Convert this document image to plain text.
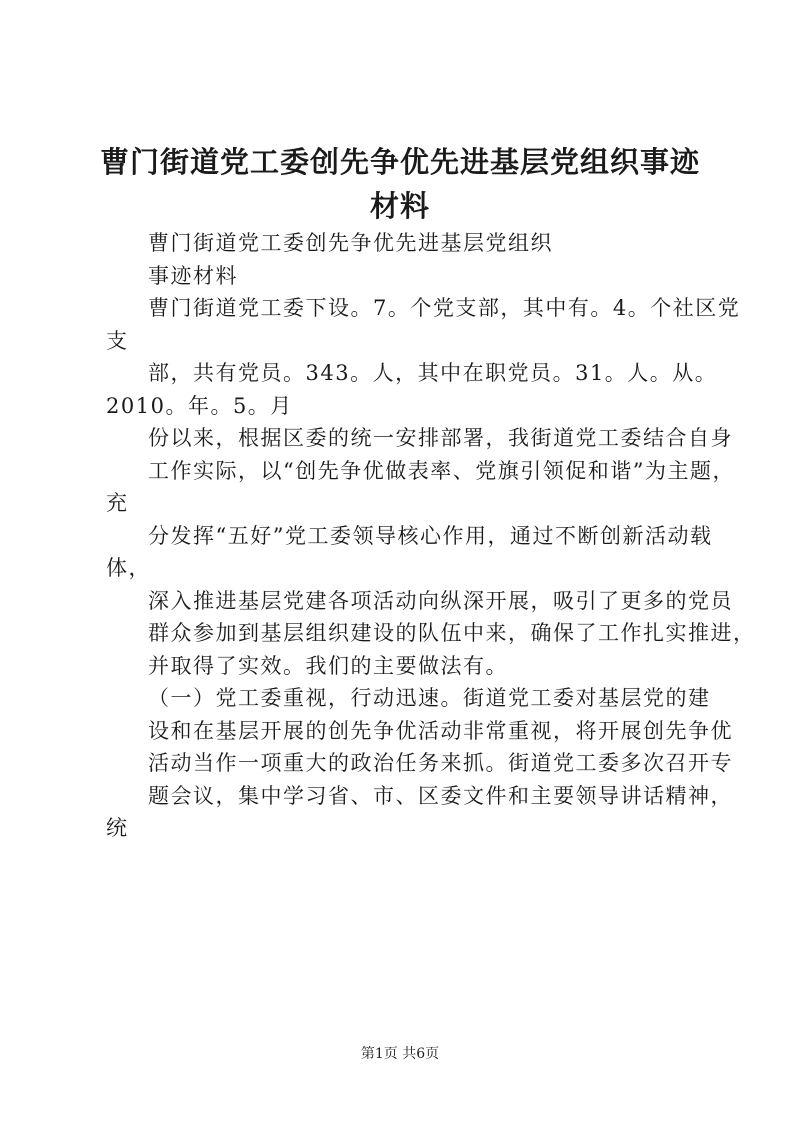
曹门街道党工委创先争优先进基层党组织事迹
材料

曹门街道党工委创先争优先进基层党组织

事迹材料

曹门街道党工委下设。7。个党支部，其中有。4。个社区党

支

部，共有党员。343。人，其中在职党员。31。人。从。

2010。年。5。月

份以来，根据区委的统一安排部署，我街道党工委结合自身

工作实际，以“创先争优做表率、党旗引领促和谐”为主题，

充

分发挥“五好”党工委领导核心作用，通过不断创新活动载

体，

深入推进基层党建各项活动向纵深开展，吸引了更多的党员

群众参加到基层组织建设的队伍中来，确保了工作扎实推进，

并取得了实效。我们的主要做法有。

（一）党工委重视，行动迅速。街道党工委对基层党的建

设和在基层开展的创先争优活动非常重视，将开展创先争优

活动当作一项重大的政治任务来抓。街道党工委多次召开专

题会议，集中学习省、市、区委文件和主要领导讲话精神，

统

第1页 共6页
